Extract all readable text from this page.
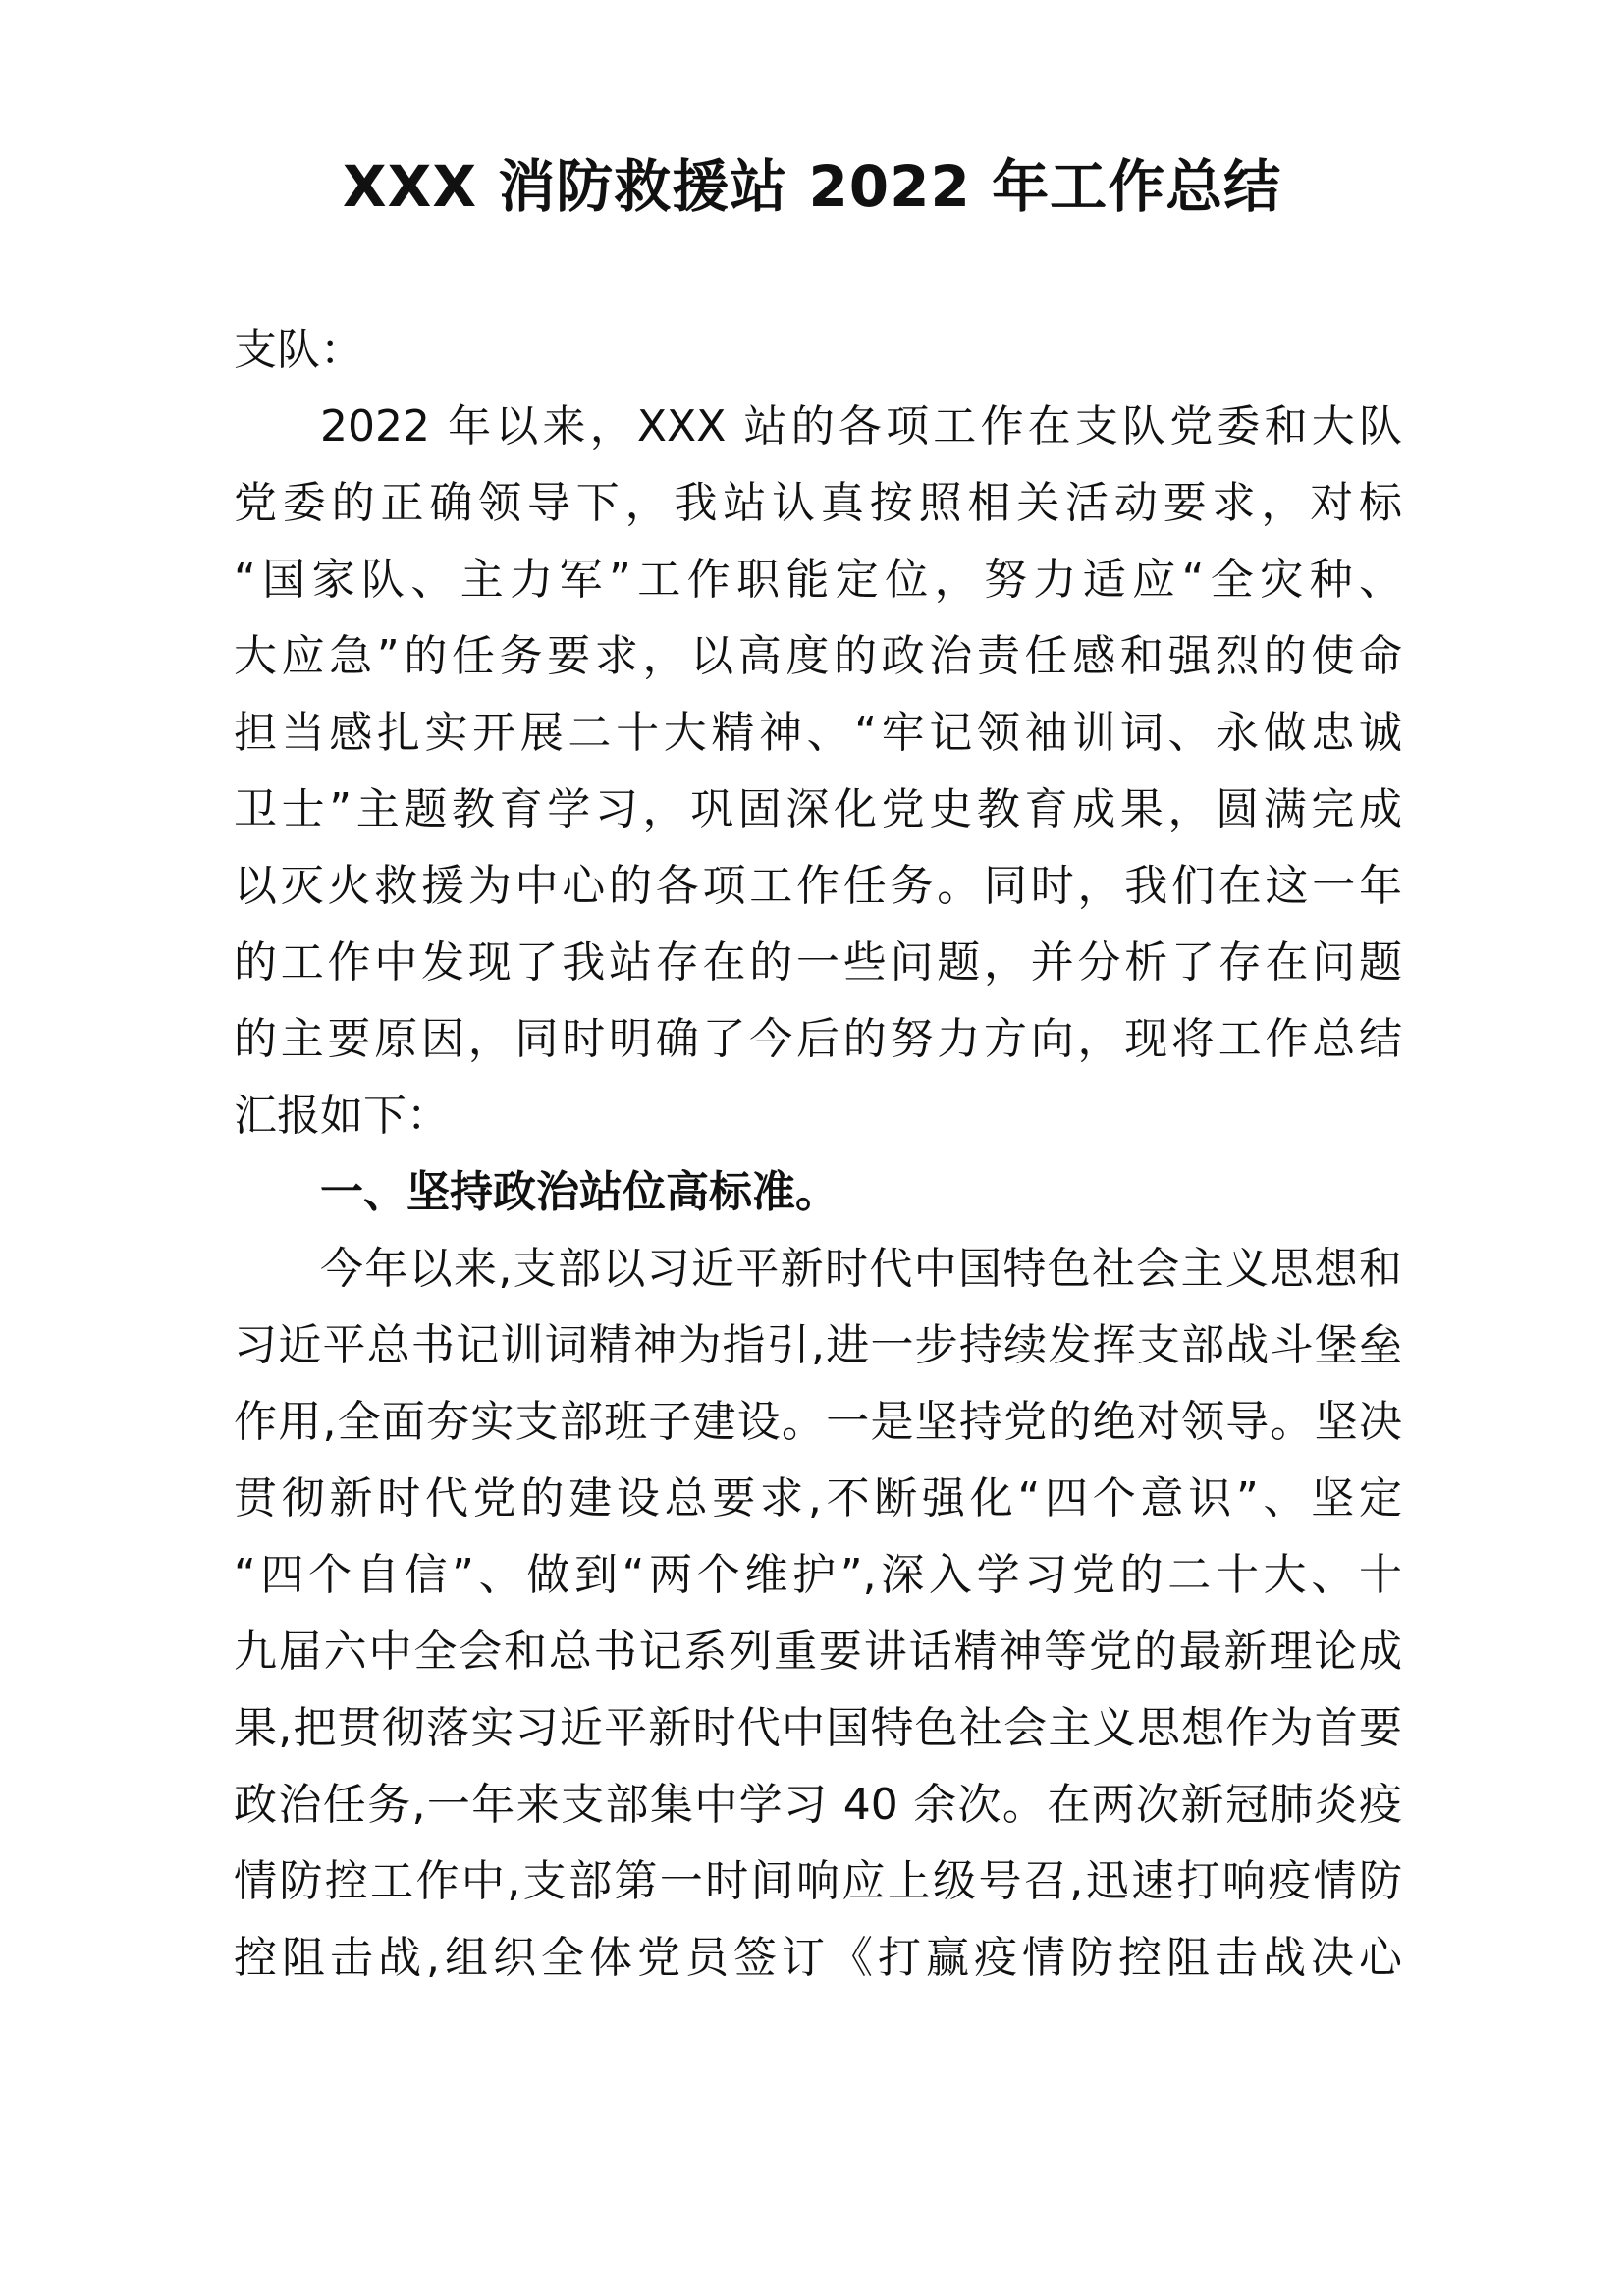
XXX 消防救援站 2022 年工作总结
支队：
2022 年以来，XXX 站的各项工作在支队党委和大队
党委的正确领导下，我站认真按照相关活动要求，对标
“国家队、主力军”工作职能定位，努力适应“全灾种、
大应急”的任务要求，以高度的政治责任感和强烈的使命
担当感扎实开展二十大精神、“牢记领袖训词、永做忠诚
卫士”主题教育学习，巩固深化党史教育成果，圆满完成
以灭火救援为中心的各项工作任务。同时，我们在这一年
的工作中发现了我站存在的一些问题，并分析了存在问题
的主要原因，同时明确了今后的努力方向，现将工作总结
汇报如下：
一、坚持政治站位高标准。
今年以来,支部以习近平新时代中国特色社会主义思想和
习近平总书记训词精神为指引,进一步持续发挥支部战斗堡垒
作用,全面夯实支部班子建设。一是坚持党的绝对领导。坚决
贯彻新时代党的建设总要求,不断强化“四个意识”、坚定
“四个自信”、做到“两个维护”,深入学习党的二十大、十
九届六中全会和总书记系列重要讲话精神等党的最新理论成
果,把贯彻落实习近平新时代中国特色社会主义思想作为首要
政治任务,一年来支部集中学习 40 余次。在两次新冠肺炎疫
情防控工作中,支部第一时间响应上级号召,迅速打响疫情防
控阻击战,组织全体党员签订《打赢疫情防控阻击战决心
